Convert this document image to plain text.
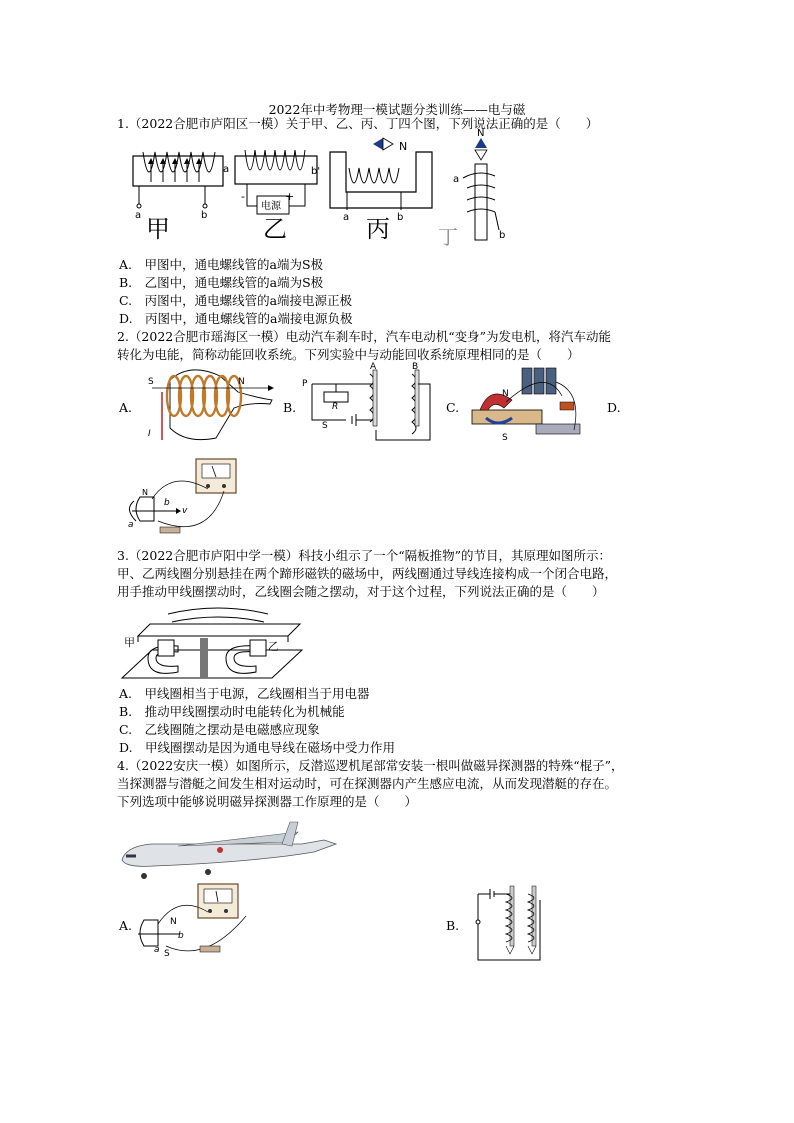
2022年中考物理一模试题分类训练——电与磁
1.（2022合肥市庐阳区一模）关于甲、乙、丙、丁四个图，下列说法正确的是（　　）
a	b
a	b'
电源
-	+
N
a	b
N
a
b
甲	乙	丙 丁
A.　甲图中，通电螺线管的a端为S极
B.　乙图中，通电螺线管的a端为S极
C.　丙图中，通电螺线管的a端接电源正极
D.　丙图中，通电螺线管的a端接电源负极
2.（2022合肥市瑶海区一模）电动汽车刹车时，汽车电动机“变身”为发电机，将汽车动能
转化为电能，简称动能回收系统。下列实验中与动能回收系统原理相同的是（　　）
A.
S	N
I
B.
A	B
P
R
S
C.
N
S
D.
N
b
a
v
3.（2022合肥市庐阳中学一模）科技小组示了一个“隔板推物”的节目，其原理如图所示：
甲、乙两线圈分别悬挂在两个蹄形磁铁的磁场中，两线圈通过导线连接构成一个闭合电路，
用手推动甲线圈摆动时，乙线圈会随之摆动，对于这个过程，下列说法正确的是（　　）
甲	乙
A.　甲线圈相当于电源，乙线圈相当于用电器
B.　推动甲线圈摆动时电能转化为机械能
C.　乙线圈随之摆动是电磁感应现象
D.　甲线圈摆动是因为通电导线在磁场中受力作用
4.（2022安庆一模）如图所示，反潜巡逻机尾部常安装一根叫做磁异探测器的特殊“棍子”，
当探测器与潜艇之间发生相对运动时，可在探测器内产生感应电流，从而发现潜艇的存在。
下列选项中能够说明磁异探测器工作原理的是（　　）
A.	N
S
a
b
B.
